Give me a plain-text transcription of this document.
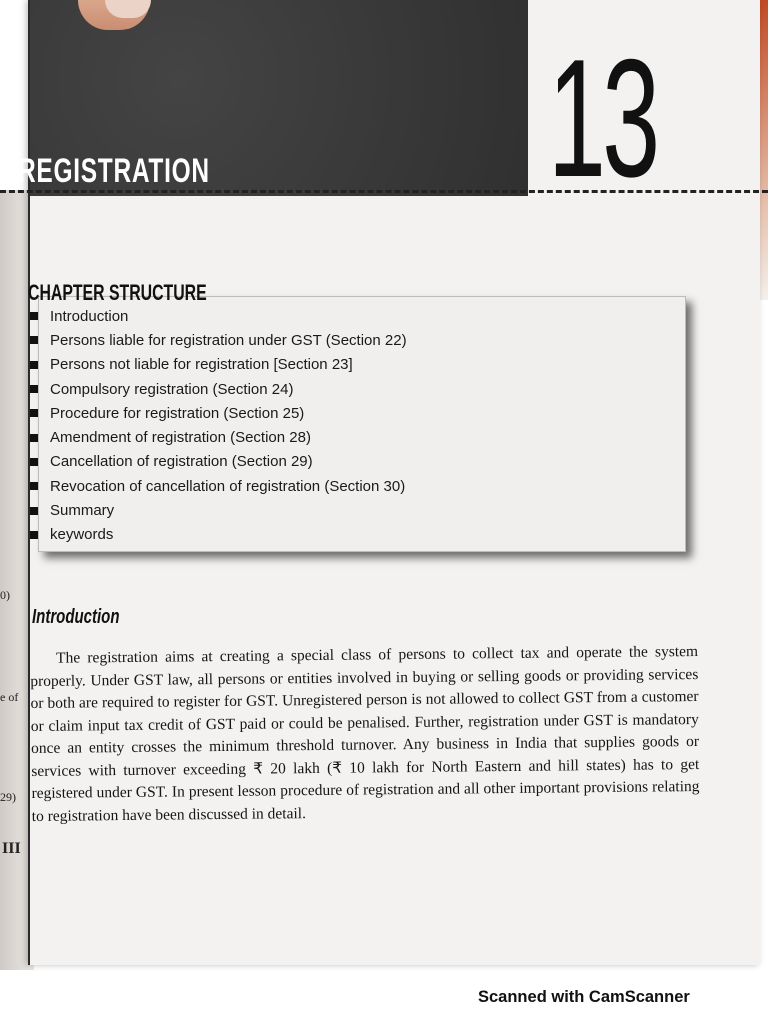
REGISTRATION 13
CHAPTER STRUCTURE
Introduction
Persons liable for registration under GST (Section 22)
Persons not liable for registration [Section 23]
Compulsory registration (Section 24)
Procedure for registration (Section 25)
Amendment of registration (Section 28)
Cancellation of registration (Section 29)
Revocation of cancellation of registration (Section 30)
Summary
keywords
Introduction

The registration aims at creating a special class of persons to collect tax and operate the system properly. Under GST law, all persons or entities involved in buying or selling goods or providing services or both are required to register for GST. Unregistered person is not allowed to collect GST from a customer or claim input tax credit of GST paid or could be penalised. Further, registration under GST is mandatory once an entity crosses the minimum threshold turnover. Any business in India that supplies goods or services with turnover exceeding ₹ 20 lakh (₹ 10 lakh for North Eastern and hill states) has to get registered under GST. In present lesson procedure of registration and all other important provisions relating to registration have been discussed in detail.

0)
e of
29)
III
Scanned with CamScanner
